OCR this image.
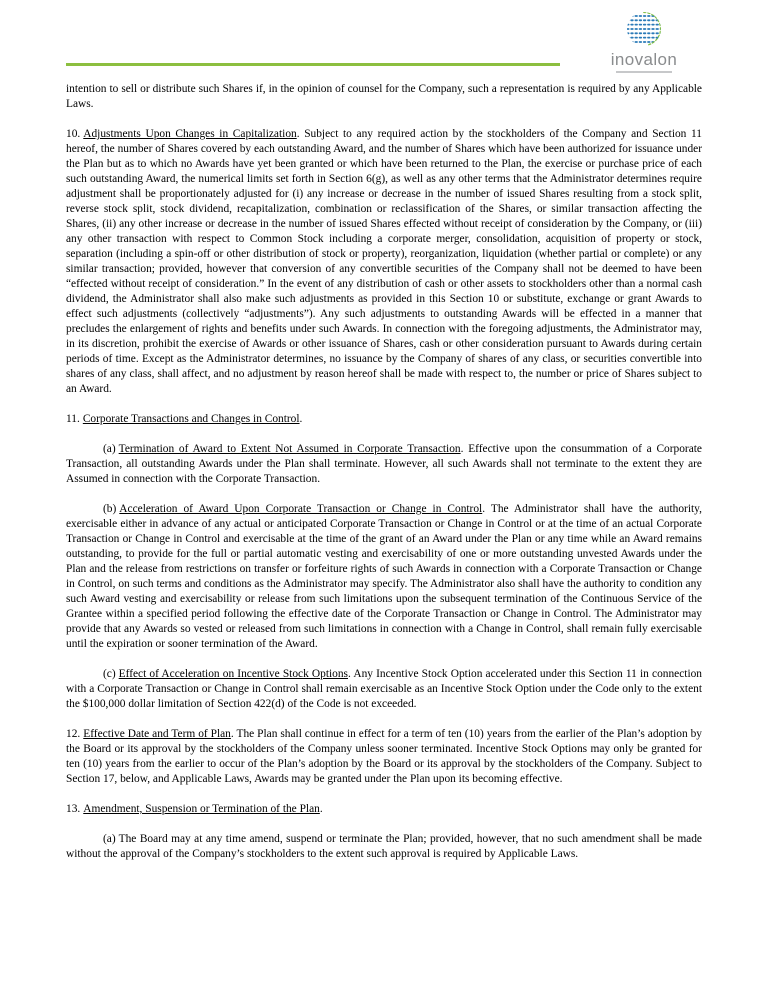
inovalon

intention to sell or distribute such Shares if, in the opinion of counsel for the Company, such a representation is required by any Applicable Laws.

10. Adjustments Upon Changes in Capitalization. Subject to any required action by the stockholders of the Company and Section 11 hereof, the number of Shares covered by each outstanding Award, and the number of Shares which have been authorized for issuance under the Plan but as to which no Awards have yet been granted or which have been returned to the Plan, the exercise or purchase price of each such outstanding Award, the numerical limits set forth in Section 6(g), as well as any other terms that the Administrator determines require adjustment shall be proportionately adjusted for (i) any increase or decrease in the number of issued Shares resulting from a stock split, reverse stock split, stock dividend, recapitalization, combination or reclassification of the Shares, or similar transaction affecting the Shares, (ii) any other increase or decrease in the number of issued Shares effected without receipt of consideration by the Company, or (iii) any other transaction with respect to Common Stock including a corporate merger, consolidation, acquisition of property or stock, separation (including a spin-off or other distribution of stock or property), reorganization, liquidation (whether partial or complete) or any similar transaction; provided, however that conversion of any convertible securities of the Company shall not be deemed to have been “effected without receipt of consideration.” In the event of any distribution of cash or other assets to stockholders other than a normal cash dividend, the Administrator shall also make such adjustments as provided in this Section 10 or substitute, exchange or grant Awards to effect such adjustments (collectively “adjustments”). Any such adjustments to outstanding Awards will be effected in a manner that precludes the enlargement of rights and benefits under such Awards. In connection with the foregoing adjustments, the Administrator may, in its discretion, prohibit the exercise of Awards or other issuance of Shares, cash or other consideration pursuant to Awards during certain periods of time. Except as the Administrator determines, no issuance by the Company of shares of any class, or securities convertible into shares of any class, shall affect, and no adjustment by reason hereof shall be made with respect to, the number or price of Shares subject to an Award.

11. Corporate Transactions and Changes in Control.

(a) Termination of Award to Extent Not Assumed in Corporate Transaction. Effective upon the consummation of a Corporate Transaction, all outstanding Awards under the Plan shall terminate. However, all such Awards shall not terminate to the extent they are Assumed in connection with the Corporate Transaction.

(b) Acceleration of Award Upon Corporate Transaction or Change in Control. The Administrator shall have the authority, exercisable either in advance of any actual or anticipated Corporate Transaction or Change in Control or at the time of an actual Corporate Transaction or Change in Control and exercisable at the time of the grant of an Award under the Plan or any time while an Award remains outstanding, to provide for the full or partial automatic vesting and exercisability of one or more outstanding unvested Awards under the Plan and the release from restrictions on transfer or forfeiture rights of such Awards in connection with a Corporate Transaction or Change in Control, on such terms and conditions as the Administrator may specify. The Administrator also shall have the authority to condition any such Award vesting and exercisability or release from such limitations upon the subsequent termination of the Continuous Service of the Grantee within a specified period following the effective date of the Corporate Transaction or Change in Control. The Administrator may provide that any Awards so vested or released from such limitations in connection with a Change in Control, shall remain fully exercisable until the expiration or sooner termination of the Award.

(c) Effect of Acceleration on Incentive Stock Options. Any Incentive Stock Option accelerated under this Section 11 in connection with a Corporate Transaction or Change in Control shall remain exercisable as an Incentive Stock Option under the Code only to the extent the $100,000 dollar limitation of Section 422(d) of the Code is not exceeded.

12. Effective Date and Term of Plan. The Plan shall continue in effect for a term of ten (10) years from the earlier of the Plan’s adoption by the Board or its approval by the stockholders of the Company unless sooner terminated. Incentive Stock Options may only be granted for ten (10) years from the earlier to occur of the Plan’s adoption by the Board or its approval by the stockholders of the Company. Subject to Section 17, below, and Applicable Laws, Awards may be granted under the Plan upon its becoming effective.

13. Amendment, Suspension or Termination of the Plan.

(a) The Board may at any time amend, suspend or terminate the Plan; provided, however, that no such amendment shall be made without the approval of the Company’s stockholders to the extent such approval is required by Applicable Laws.
